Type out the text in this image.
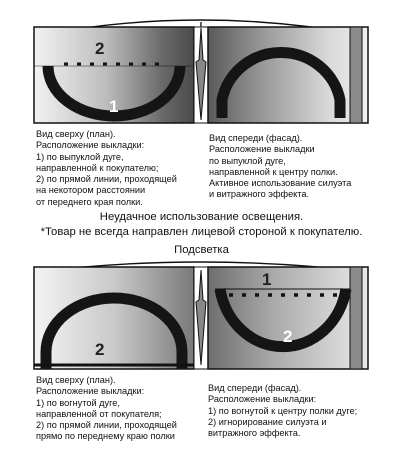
2
1
Вид сверху (план).
Расположение выкладки:
1) по выпуклой дуге,
направленной к покупателю;
2) по прямой линии, проходящей
на некотором расстоянии
от переднего края полки.
Вид спереди (фасад).
Расположение выкладки
по выпуклой дуге,
направленной к центру полки.
Активное использование силуэта
и витражного эффекта.
Неудачное использование освещения.
*Товар не всегда направлен лицевой стороной к покупателю.
Подсветка
2
1
2
Вид сверху (план).
Расположение выкладки:
1) по вогнутой дуге,
направленной от покупателя;
2) по прямой линии, проходящей
прямо по переднему краю полки
Вид спереди (фасад).
Расположение выкладки:
1) по вогнутой к центру полки дуге;
2) игнорирование силуэта и
витражного эффекта.
